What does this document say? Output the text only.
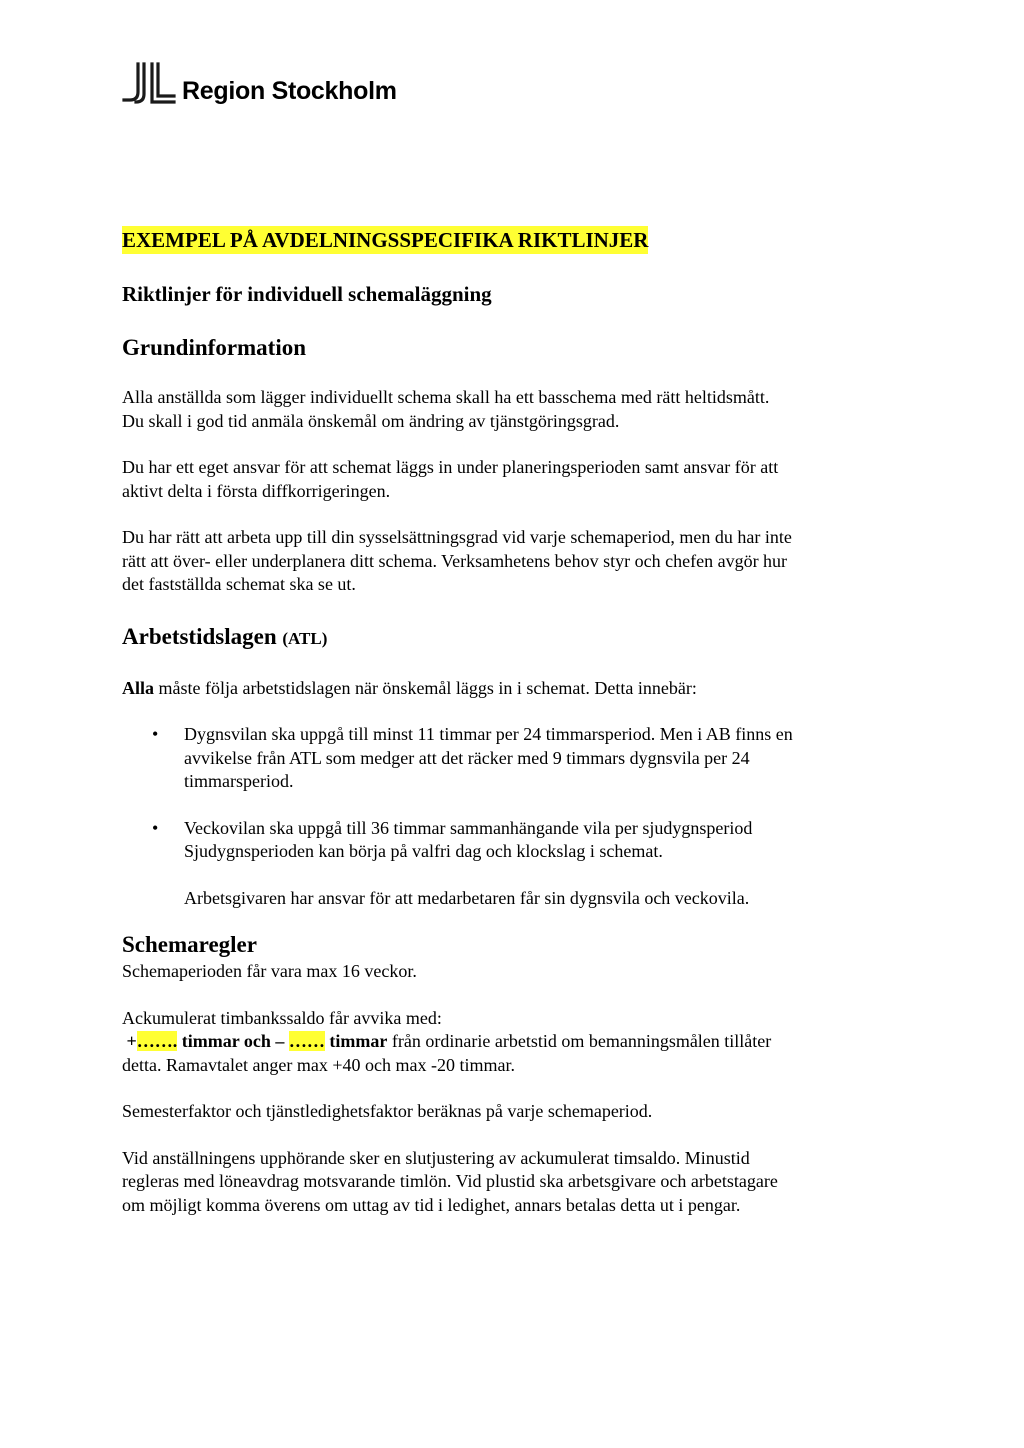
Region Stockholm
EXEMPEL PÅ AVDELNINGSSPECIFIKA RIKTLINJER
Riktlinjer för individuell schemaläggning
Grundinformation

Alla anställda som lägger individuellt schema skall ha ett basschema med rätt heltidsmått.
Du skall i god tid anmäla önskemål om ändring av tjänstgöringsgrad.

Du har ett eget ansvar för att schemat läggs in under planeringsperioden samt ansvar för att
aktivt delta i första diffkorrigeringen.

Du har rätt att arbeta upp till din sysselsättningsgrad vid varje schemaperiod, men du har inte
rätt att över- eller underplanera ditt schema. Verksamhetens behov styr och chefen avgör hur
det fastställda schemat ska se ut.

Arbetstidslagen (ATL)

Alla måste följa arbetstidslagen när önskemål läggs in i schemat. Detta innebär:

• Dygnsvilan ska uppgå till minst 11 timmar per 24 timmarsperiod. Men i AB finns en
avvikelse från ATL som medger att det räcker med 9 timmars dygnsvila per 24
timmarsperiod.
• Veckovilan ska uppgå till 36 timmar sammanhängande vila per sjudygnsperiod
Sjudygnsperioden kan börja på valfri dag och klockslag i schemat.

Arbetsgivaren har ansvar för att medarbetaren får sin dygnsvila och veckovila.

Schemaregler

Schemaperioden får vara max 16 veckor.

Ackumulerat timbankssaldo får avvika med:
+……. timmar och – …… timmar från ordinarie arbetstid om bemanningsmålen tillåter
detta. Ramavtalet anger max +40 och max -20 timmar.

Semesterfaktor och tjänstledighetsfaktor beräknas på varje schemaperiod.

Vid anställningens upphörande sker en slutjustering av ackumulerat timsaldo. Minustid
regleras med löneavdrag motsvarande timlön. Vid plustid ska arbetsgivare och arbetstagare
om möjligt komma överens om uttag av tid i ledighet, annars betalas detta ut i pengar.
